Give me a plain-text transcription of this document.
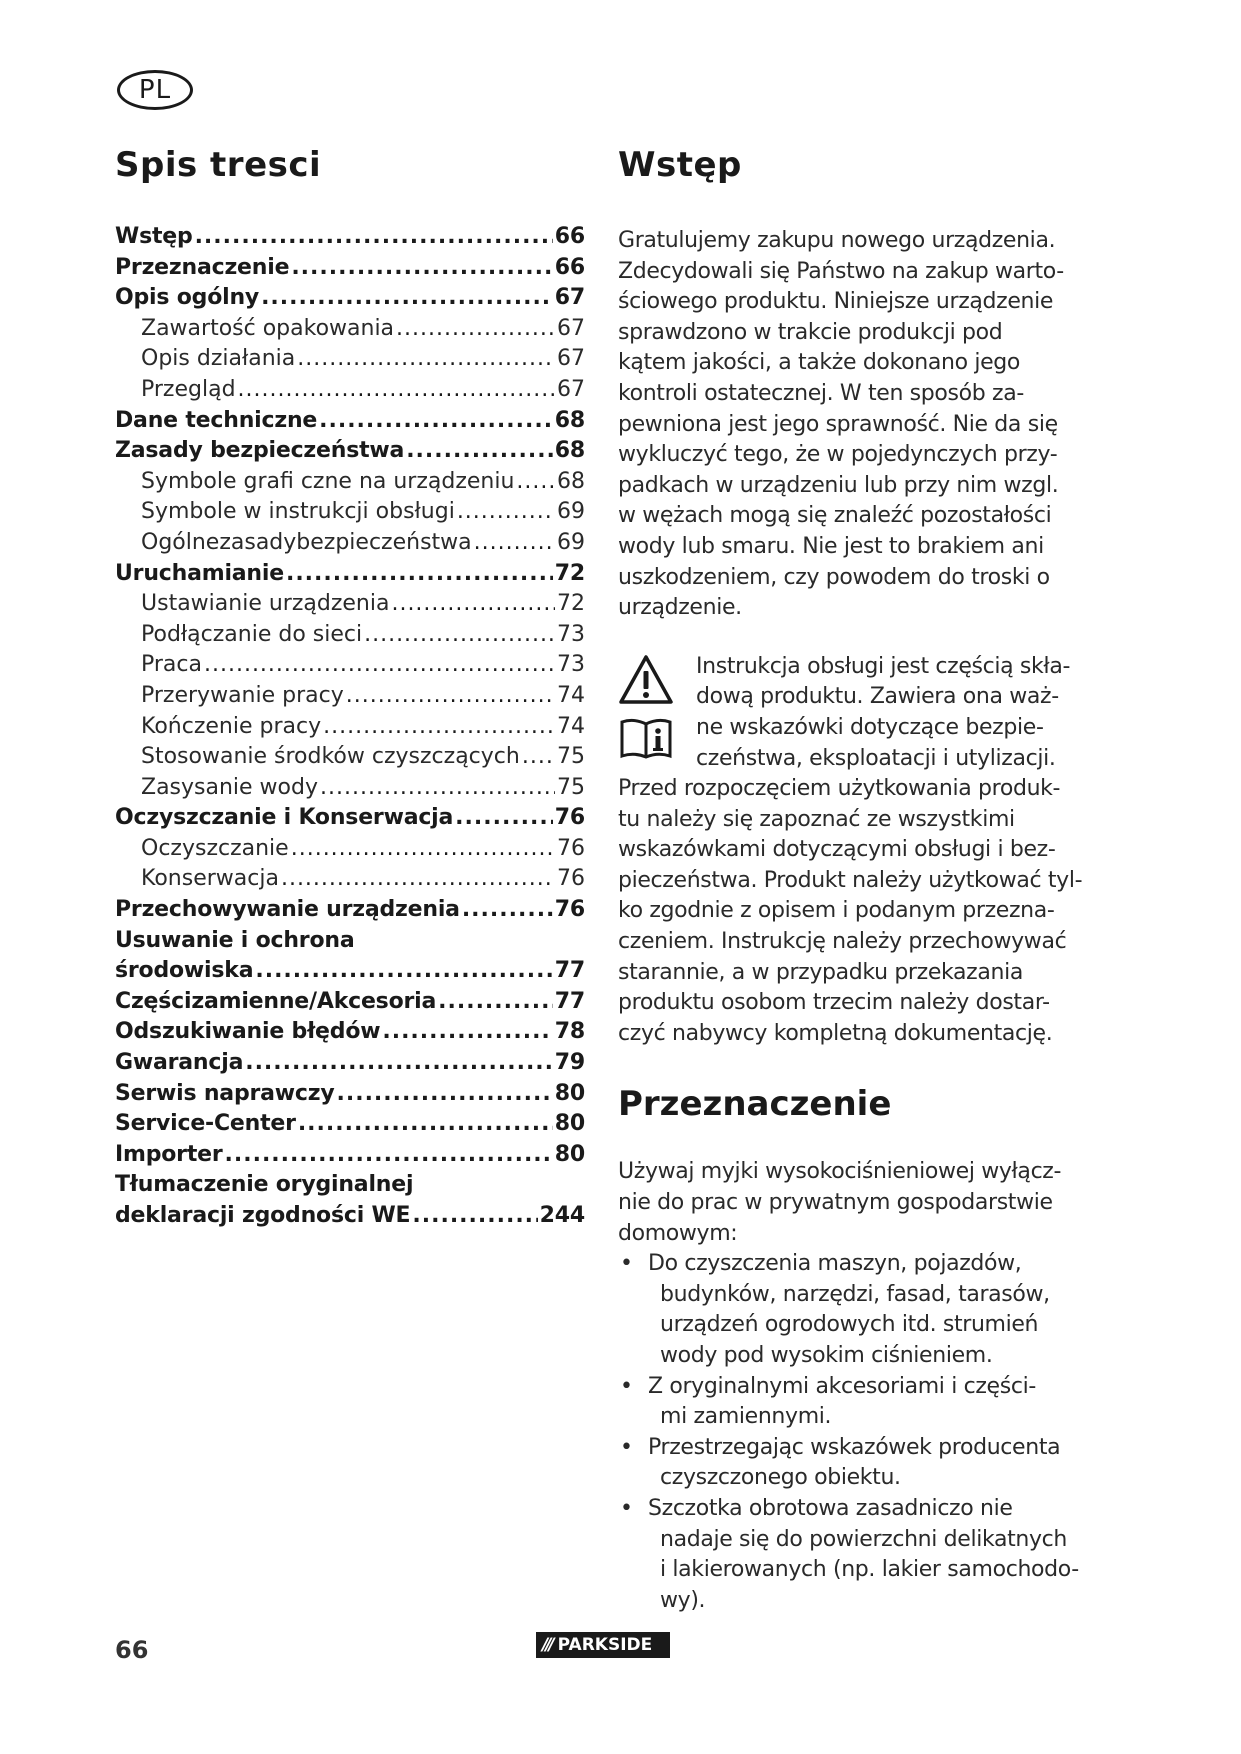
PL
Spis tresci
Wstęp .....	66
Przeznaczenie .....	66
Opis ogólny .....	67
Zawartość opakowania .....	67
Opis działania .....	67
Przegląd .....	67
Dane techniczne .....	68
Zasady bezpieczeństwa .....	68
Symbole grafi czne na urządzeniu ..... 68
Symbole w instrukcji obsługi .....	69
Ogólnezasadybezpieczeństwa .....	69
Uruchamianie .....	72
Ustawianie urządzenia .....	72
Podłączanie do sieci .....	73
Praca .....	73
Przerywanie pracy .....	74
Kończenie pracy .....	74
Stosowanie środków czyszczących ..... 75
Zasysanie wody .....	75
Oczyszczanie i Konserwacja .....	76
Oczyszczanie .....	76
Konserwacja .....	76
Przechowywanie urządzenia .....	76
Usuwanie i ochrona
środowiska .....	77
Częścizamienne/Akcesoria .....	77
Odszukiwanie błędów .....	78
Gwarancja .....	79
Serwis naprawczy .....	80
Service-Center .....	80
Importer .....	80
Tłumaczenie oryginalnej
deklaracji zgodności WE .....	244
Wstęp

Gratulujemy zakupu nowego urządzenia.
Zdecydowali się Państwo na zakup warto-
ściowego produktu. Niniejsze urządzenie
sprawdzono w trakcie produkcji pod
kątem jakości, a także dokonano jego
kontroli ostatecznej. W ten sposób za-
pewniona jest jego sprawność. Nie da się
wykluczyć tego, że w pojedynczych przy-
padkach w urządzeniu lub przy nim wzgl.
w wężach mogą się znaleźć pozostałości
wody lub smaru. Nie jest to brakiem ani
uszkodzeniem, czy powodem do troski o
urządzenie.

Instrukcja obsługi jest częścią skła-
dową produktu. Zawiera ona waż-
ne wskazówki dotyczące bezpie-
czeństwa, eksploatacji i utylizacji.

Przed rozpoczęciem użytkowania produk-
tu należy się zapoznać ze wszystkimi
wskazówkami dotyczącymi obsługi i bez-
pieczeństwa. Produkt należy użytkować tyl-
ko zgodnie z opisem i podanym przezna-
czeniem. Instrukcję należy przechowywać
starannie, a w przypadku przekazania
produktu osobom trzecim należy dostar-
czyć nabywcy kompletną dokumentację.

Przeznaczenie

Używaj myjki wysokociśnieniowej wyłącz-
nie do prac w prywatnym gospodarstwie
domowym:

• Do czyszczenia maszyn, pojazdów,
budynków, narzędzi, fasad, tarasów,
urządzeń ogrodowych itd. strumień
wody pod wysokim ciśnieniem.
• Z oryginalnymi akcesoriami i części-
mi zamiennymi.
• Przestrzegając wskazówek producenta
czyszczonego obiektu.
• Szczotka obrotowa zasadniczo nie
nadaje się do powierzchni delikatnych
i lakierowanych (np. lakier samochodo-
wy).
66	/// PARKSIDE
